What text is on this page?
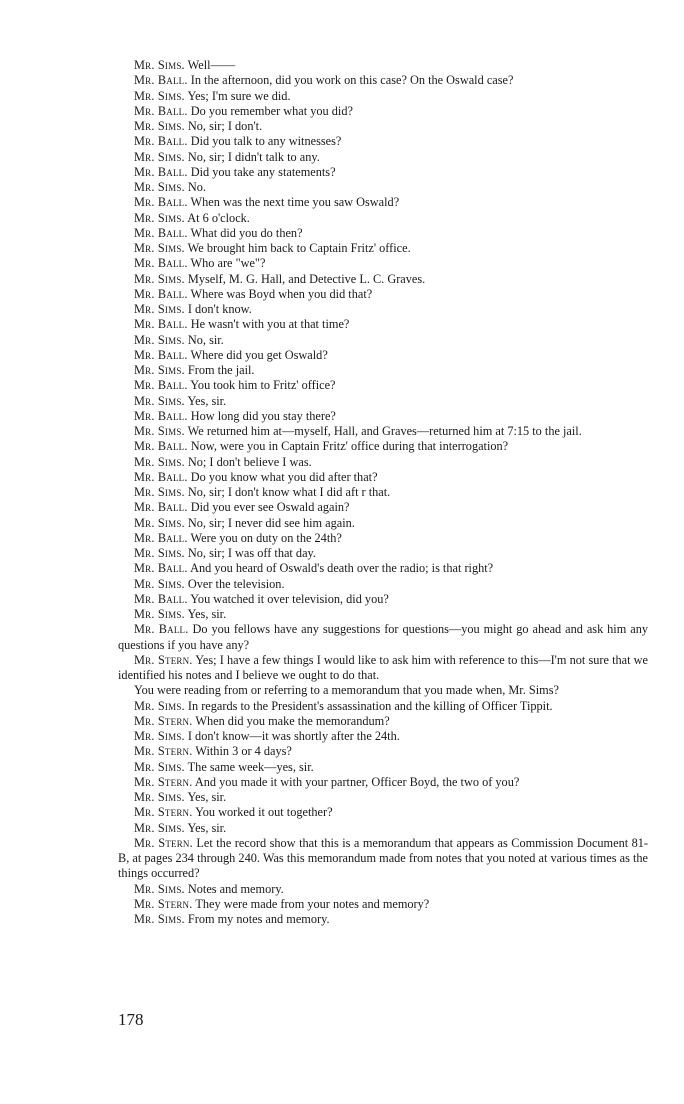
Mr. Sims. Well——

Mr. Ball. In the afternoon, did you work on this case? On the Oswald case?

Mr. Sims. Yes; I'm sure we did.

Mr. Ball. Do you remember what you did?

Mr. Sims. No, sir; I don't.

Mr. Ball. Did you talk to any witnesses?

Mr. Sims. No, sir; I didn't talk to any.

Mr. Ball. Did you take any statements?

Mr. Sims. No.

Mr. Ball. When was the next time you saw Oswald?

Mr. Sims. At 6 o'clock.

Mr. Ball. What did you do then?

Mr. Sims. We brought him back to Captain Fritz' office.

Mr. Ball. Who are "we"?

Mr. Sims. Myself, M. G. Hall, and Detective L. C. Graves.

Mr. Ball. Where was Boyd when you did that?

Mr. Sims. I don't know.

Mr. Ball. He wasn't with you at that time?

Mr. Sims. No, sir.

Mr. Ball. Where did you get Oswald?

Mr. Sims. From the jail.

Mr. Ball. You took him to Fritz' office?

Mr. Sims. Yes, sir.

Mr. Ball. How long did you stay there?

Mr. Sims. We returned him at—myself, Hall, and Graves—returned him at 7:15 to the jail.

Mr. Ball. Now, were you in Captain Fritz' office during that interrogation?

Mr. Sims. No; I don't believe I was.

Mr. Ball. Do you know what you did after that?

Mr. Sims. No, sir; I don't know what I did aft r that.

Mr. Ball. Did you ever see Oswald again?

Mr. Sims. No, sir; I never did see him again.

Mr. Ball. Were you on duty on the 24th?

Mr. Sims. No, sir; I was off that day.

Mr. Ball. And you heard of Oswald's death over the radio; is that right?

Mr. Sims. Over the television.

Mr. Ball. You watched it over television, did you?

Mr. Sims. Yes, sir.

Mr. Ball. Do you fellows have any suggestions for questions—you might go ahead and ask him any questions if you have any?

Mr. Stern. Yes; I have a few things I would like to ask him with reference to this—I'm not sure that we identified his notes and I believe we ought to do that.

You were reading from or referring to a memorandum that you made when, Mr. Sims?

Mr. Sims. In regards to the President's assassination and the killing of Officer Tippit.

Mr. Stern. When did you make the memorandum?

Mr. Sims. I don't know—it was shortly after the 24th.

Mr. Stern. Within 3 or 4 days?

Mr. Sims. The same week—yes, sir.

Mr. Stern. And you made it with your partner, Officer Boyd, the two of you?

Mr. Sims. Yes, sir.

Mr. Stern. You worked it out together?

Mr. Sims. Yes, sir.

Mr. Stern. Let the record show that this is a memorandum that appears as Commission Document 81-B, at pages 234 through 240. Was this memorandum made from notes that you noted at various times as the things occurred?

Mr. Sims. Notes and memory.

Mr. Stern. They were made from your notes and memory?

Mr. Sims. From my notes and memory.

178
